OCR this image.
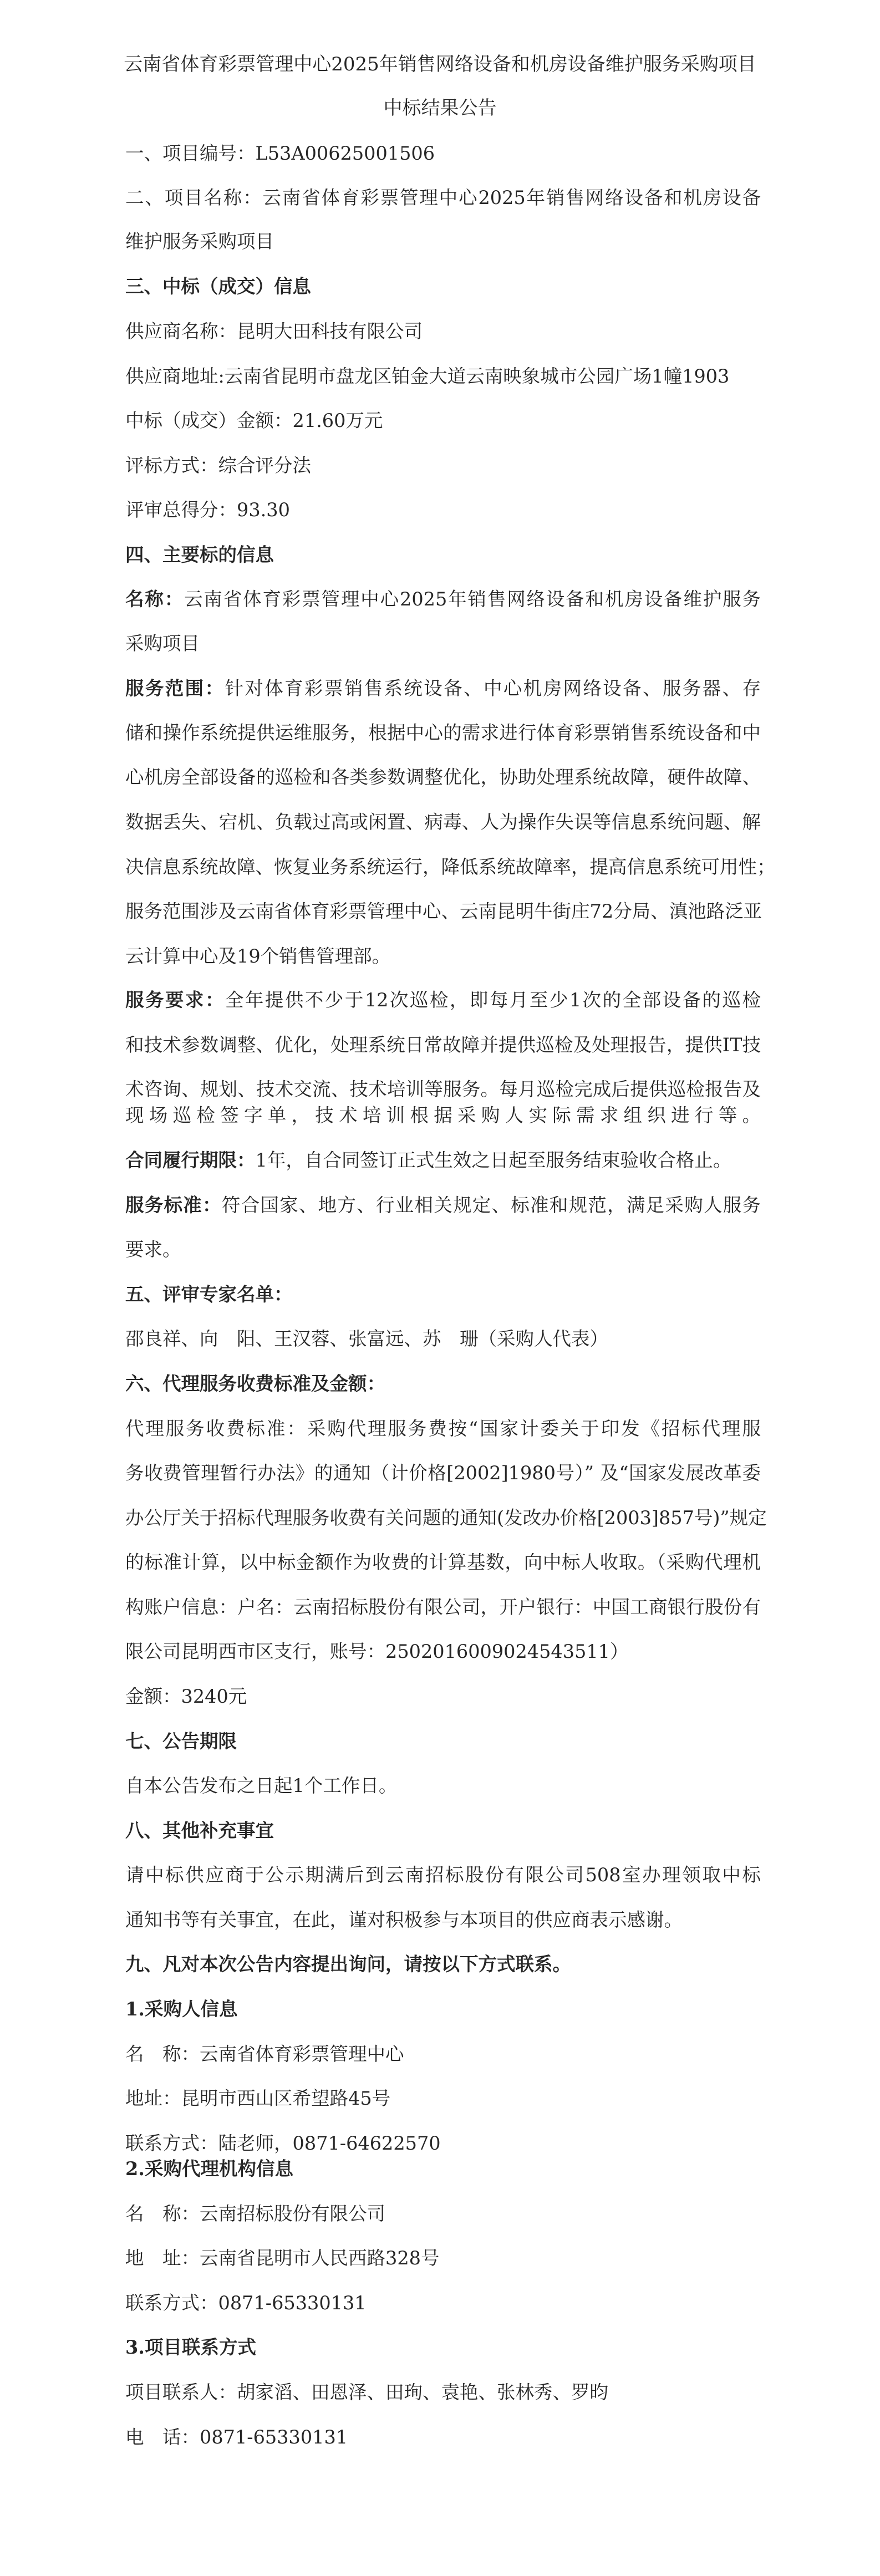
云南省体育彩票管理中心2025年销售网络设备和机房设备维护服务采购项目
中标结果公告
一、项目编号：L53A00625001506
二、项目名称：云南省体育彩票管理中心2025年销售网络设备和机房设备
维护服务采购项目
三、中标（成交）信息
供应商名称：昆明大田科技有限公司
供应商地址:云南省昆明市盘龙区铂金大道云南映象城市公园广场1幢1903
中标（成交）金额：21.60万元
评标方式：综合评分法
评审总得分：93.30
四、主要标的信息
名称：云南省体育彩票管理中心2025年销售网络设备和机房设备维护服务
采购项目
服务范围：针对体育彩票销售系统设备、中心机房网络设备、服务器、存
储和操作系统提供运维服务，根据中心的需求进行体育彩票销售系统设备和中
心机房全部设备的巡检和各类参数调整优化，协助处理系统故障，硬件故障、
数据丢失、宕机、负载过高或闲置、病毒、人为操作失误等信息系统问题、解
决信息系统故障、恢复业务系统运行，降低系统故障率，提高信息系统可用性；
服务范围涉及云南省体育彩票管理中心、云南昆明牛街庄72分局、滇池路泛亚
云计算中心及19个销售管理部。
服务要求：全年提供不少于12次巡检，即每月至少1次的全部设备的巡检
和技术参数调整、优化，处理系统日常故障并提供巡检及处理报告，提供IT技
术咨询、规划、技术交流、技术培训等服务。每月巡检完成后提供巡检报告及
现场巡检签字单，技术培训根据采购人实际需求组织进行等。
合同履行期限：1年，自合同签订正式生效之日起至服务结束验收合格止。
服务标准：符合国家、地方、行业相关规定、标准和规范，满足采购人服务
要求。
五、评审专家名单：
邵良祥、向　阳、王汉蓉、张富远、苏　珊（采购人代表）
六、代理服务收费标准及金额：
代理服务收费标准：采购代理服务费按“国家计委关于印发《招标代理服
务收费管理暂行办法》的通知（计价格[2002]1980号）” 及“国家发展改革委
办公厅关于招标代理服务收费有关问题的通知(发改办价格[2003]857号)”规定
的标准计算，以中标金额作为收费的计算基数，向中标人收取。（采购代理机
构账户信息：户名：云南招标股份有限公司，开户银行：中国工商银行股份有
限公司昆明西市区支行，账号：2502016009024543511）
金额：3240元
七、公告期限
自本公告发布之日起1个工作日。
八、其他补充事宜
请中标供应商于公示期满后到云南招标股份有限公司508室办理领取中标
通知书等有关事宜，在此，谨对积极参与本项目的供应商表示感谢。
九、凡对本次公告内容提出询问，请按以下方式联系。
1.采购人信息
名　称：云南省体育彩票管理中心
地址：昆明市西山区希望路45号
联系方式：陆老师，0871-64622570
2.采购代理机构信息
名　称：云南招标股份有限公司
地　址：云南省昆明市人民西路328号
联系方式：0871-65330131
3.项目联系方式
项目联系人：胡家滔、田恩泽、田珣、袁艳、张林秀、罗昀
电　话：0871-65330131
